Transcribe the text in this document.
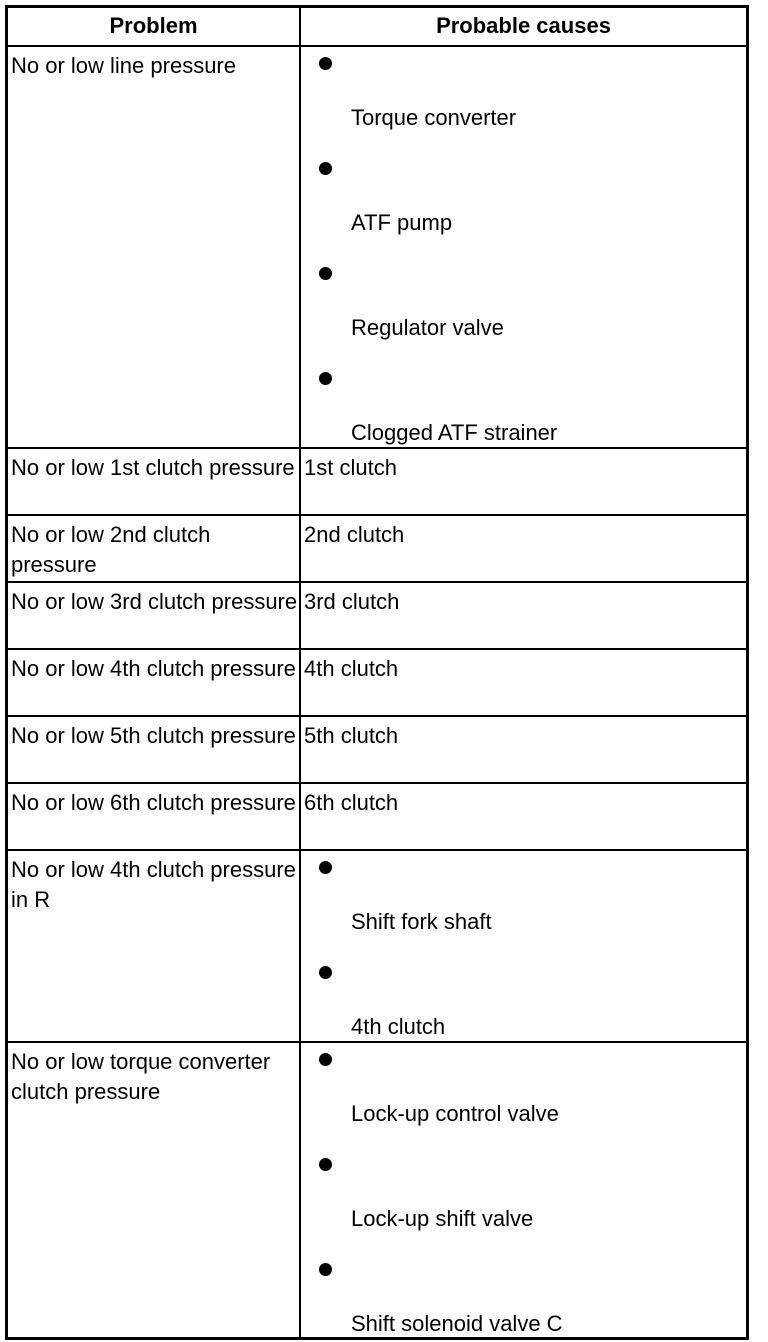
Problem	Probable causes
No or low line pressure
Torque converter
ATF pump
Regulator valve
Clogged ATF strainer
No or low 1st clutch pressure 1st clutch
No or low 2nd clutch pressure
2nd clutch
No or low 3rd clutch pressure 3rd clutch
No or low 4th clutch pressure 4th clutch
No or low 5th clutch pressure 5th clutch
No or low 6th clutch pressure 6th clutch
No or low 4th clutch pressure in R
Shift fork shaft
4th clutch
No or low torque converter clutch pressure
Lock-up control valve
Lock-up shift valve
Shift solenoid valve C
